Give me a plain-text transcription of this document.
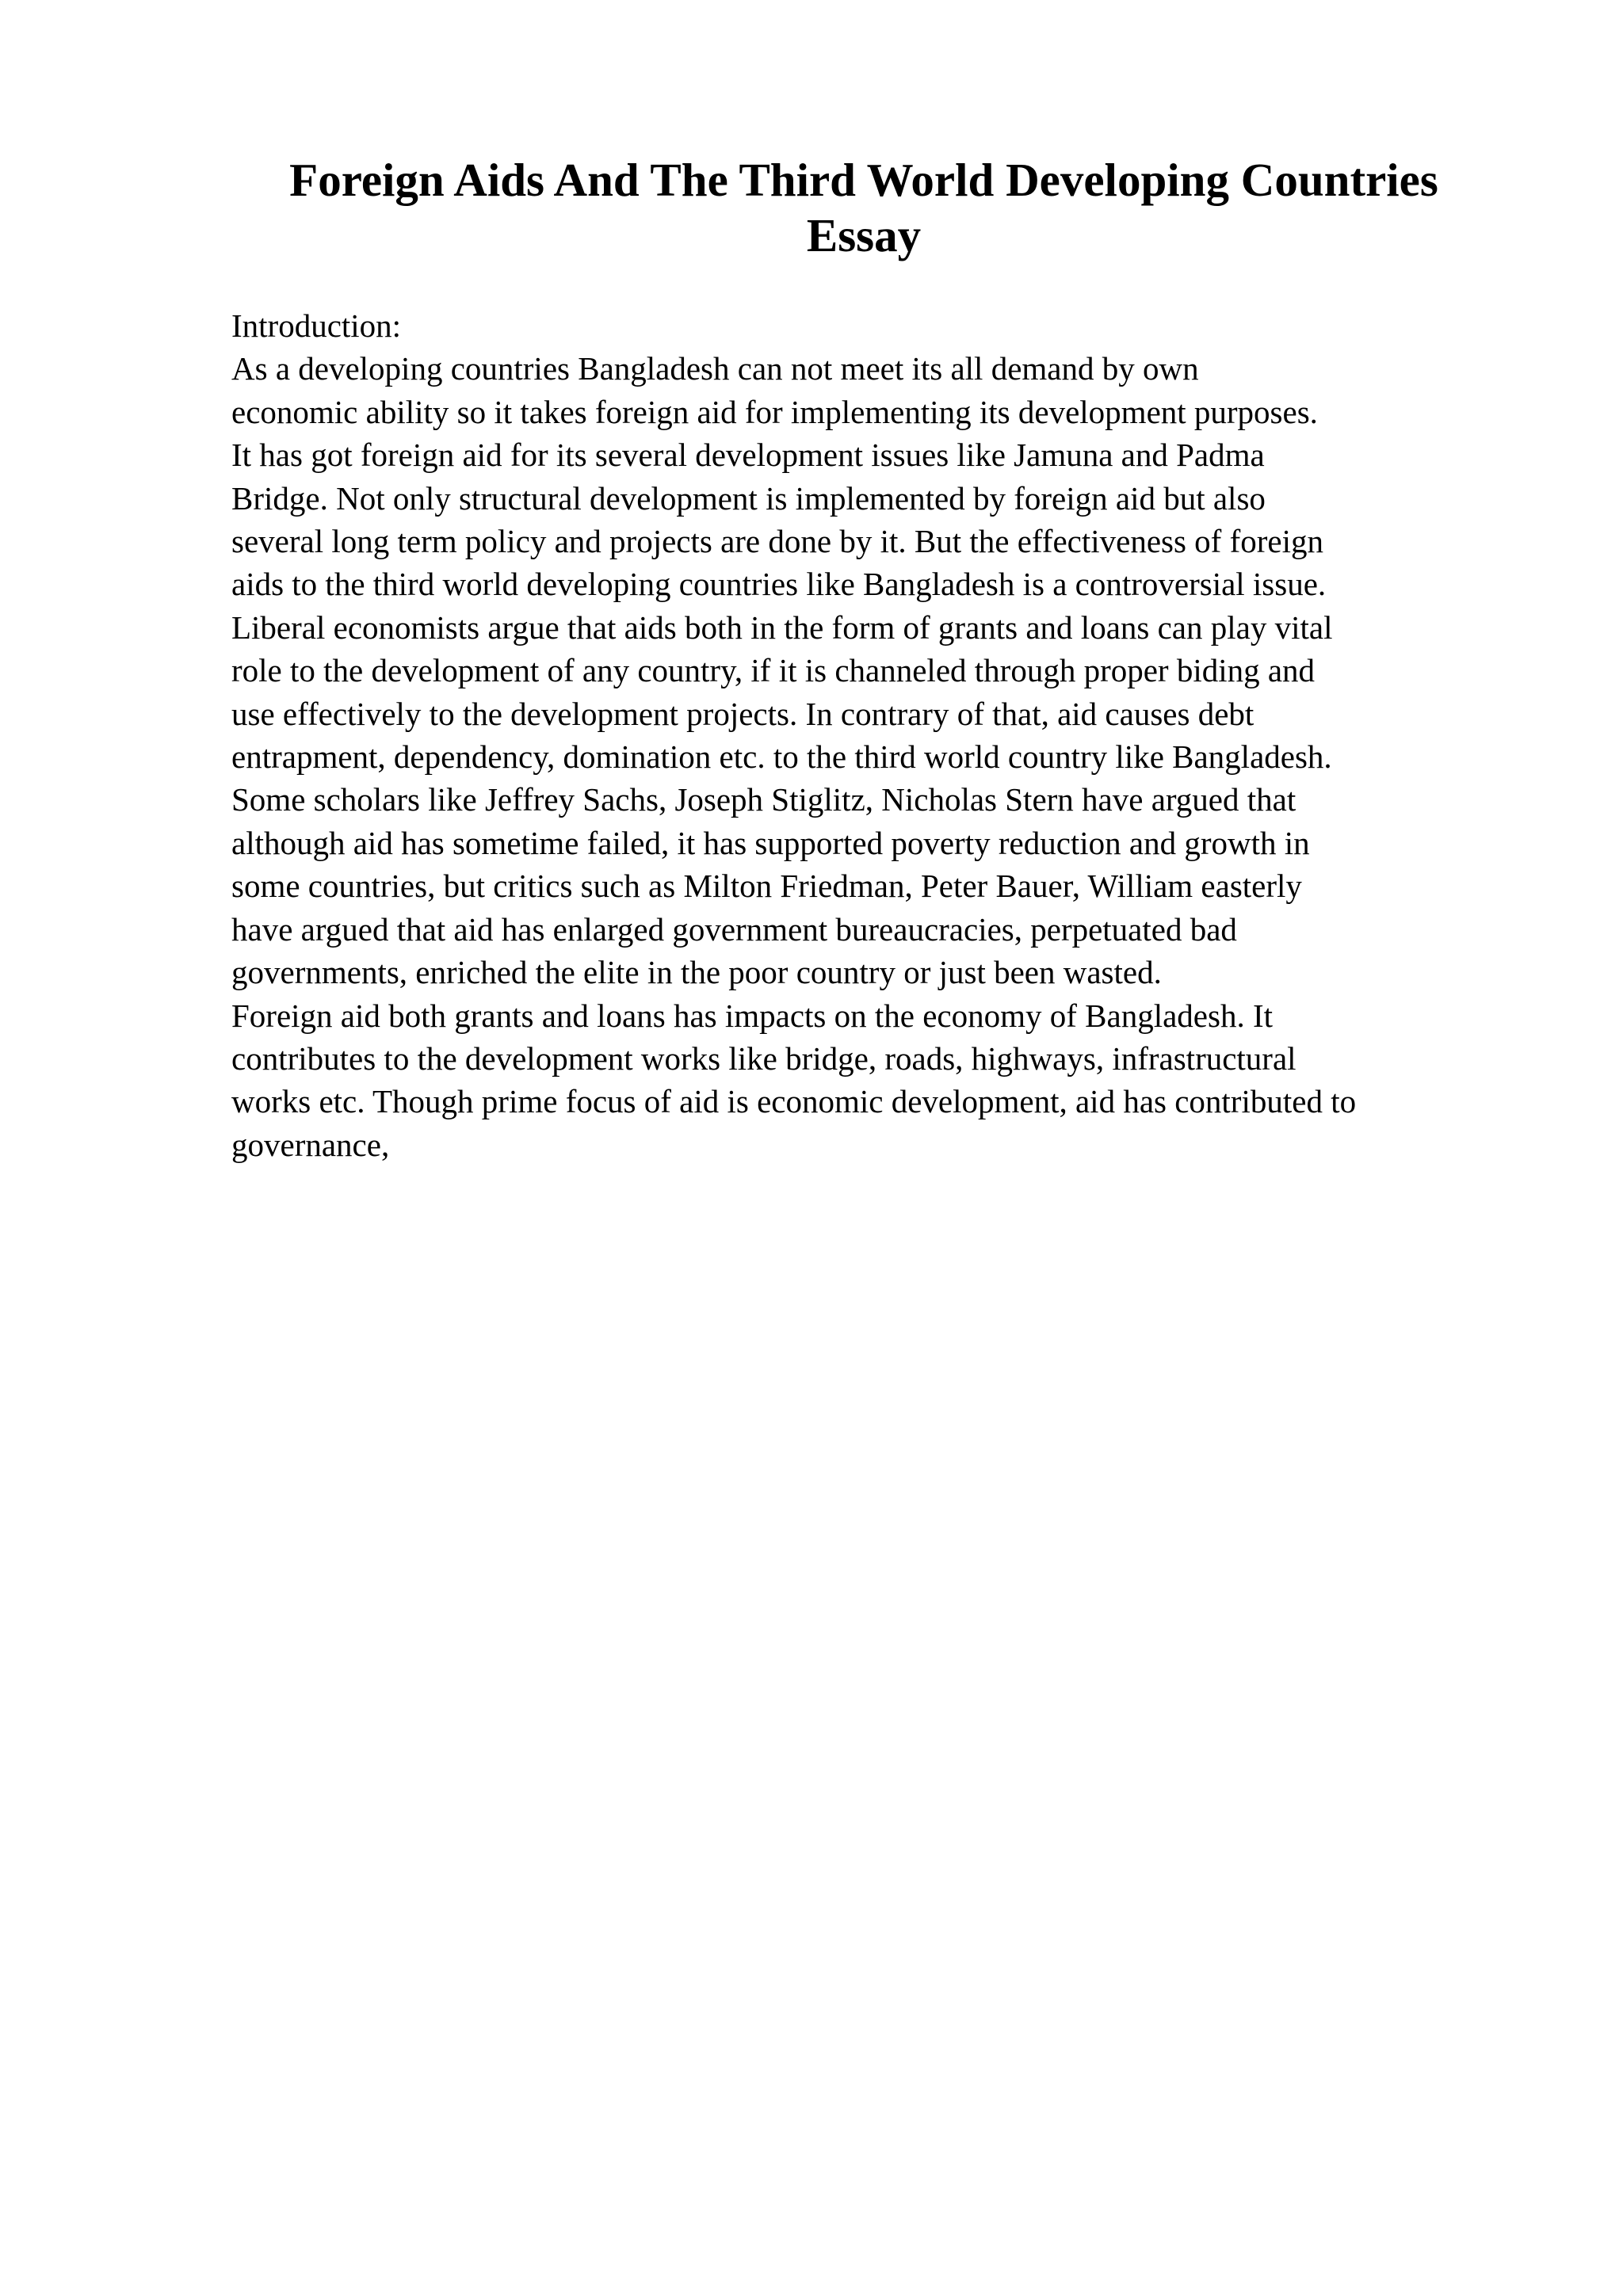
Foreign Aids And The Third World Developing Countries
Essay
Introduction:
As a developing countries Bangladesh can not meet its all demand by own
economic ability so it takes foreign aid for implementing its development purposes.
It has got foreign aid for its several development issues like Jamuna and Padma
Bridge. Not only structural development is implemented by foreign aid but also
several long term policy and projects are done by it. But the effectiveness of foreign
aids to the third world developing countries like Bangladesh is a controversial issue.
Liberal economists argue that aids both in the form of grants and loans can play vital
role to the development of any country, if it is channeled through proper biding and
use effectively to the development projects. In contrary of that, aid causes debt
entrapment, dependency, domination etc. to the third world country like Bangladesh.
Some scholars like Jeffrey Sachs, Joseph Stiglitz, Nicholas Stern have argued that
although aid has sometime failed, it has supported poverty reduction and growth in
some countries, but critics such as Milton Friedman, Peter Bauer, William easterly
have argued that aid has enlarged government bureaucracies, perpetuated bad
governments, enriched the elite in the poor country or just been wasted.
Foreign aid both grants and loans has impacts on the economy of Bangladesh. It
contributes to the development works like bridge, roads, highways, infrastructural
works etc. Though prime focus of aid is economic development, aid has contributed to
governance,
